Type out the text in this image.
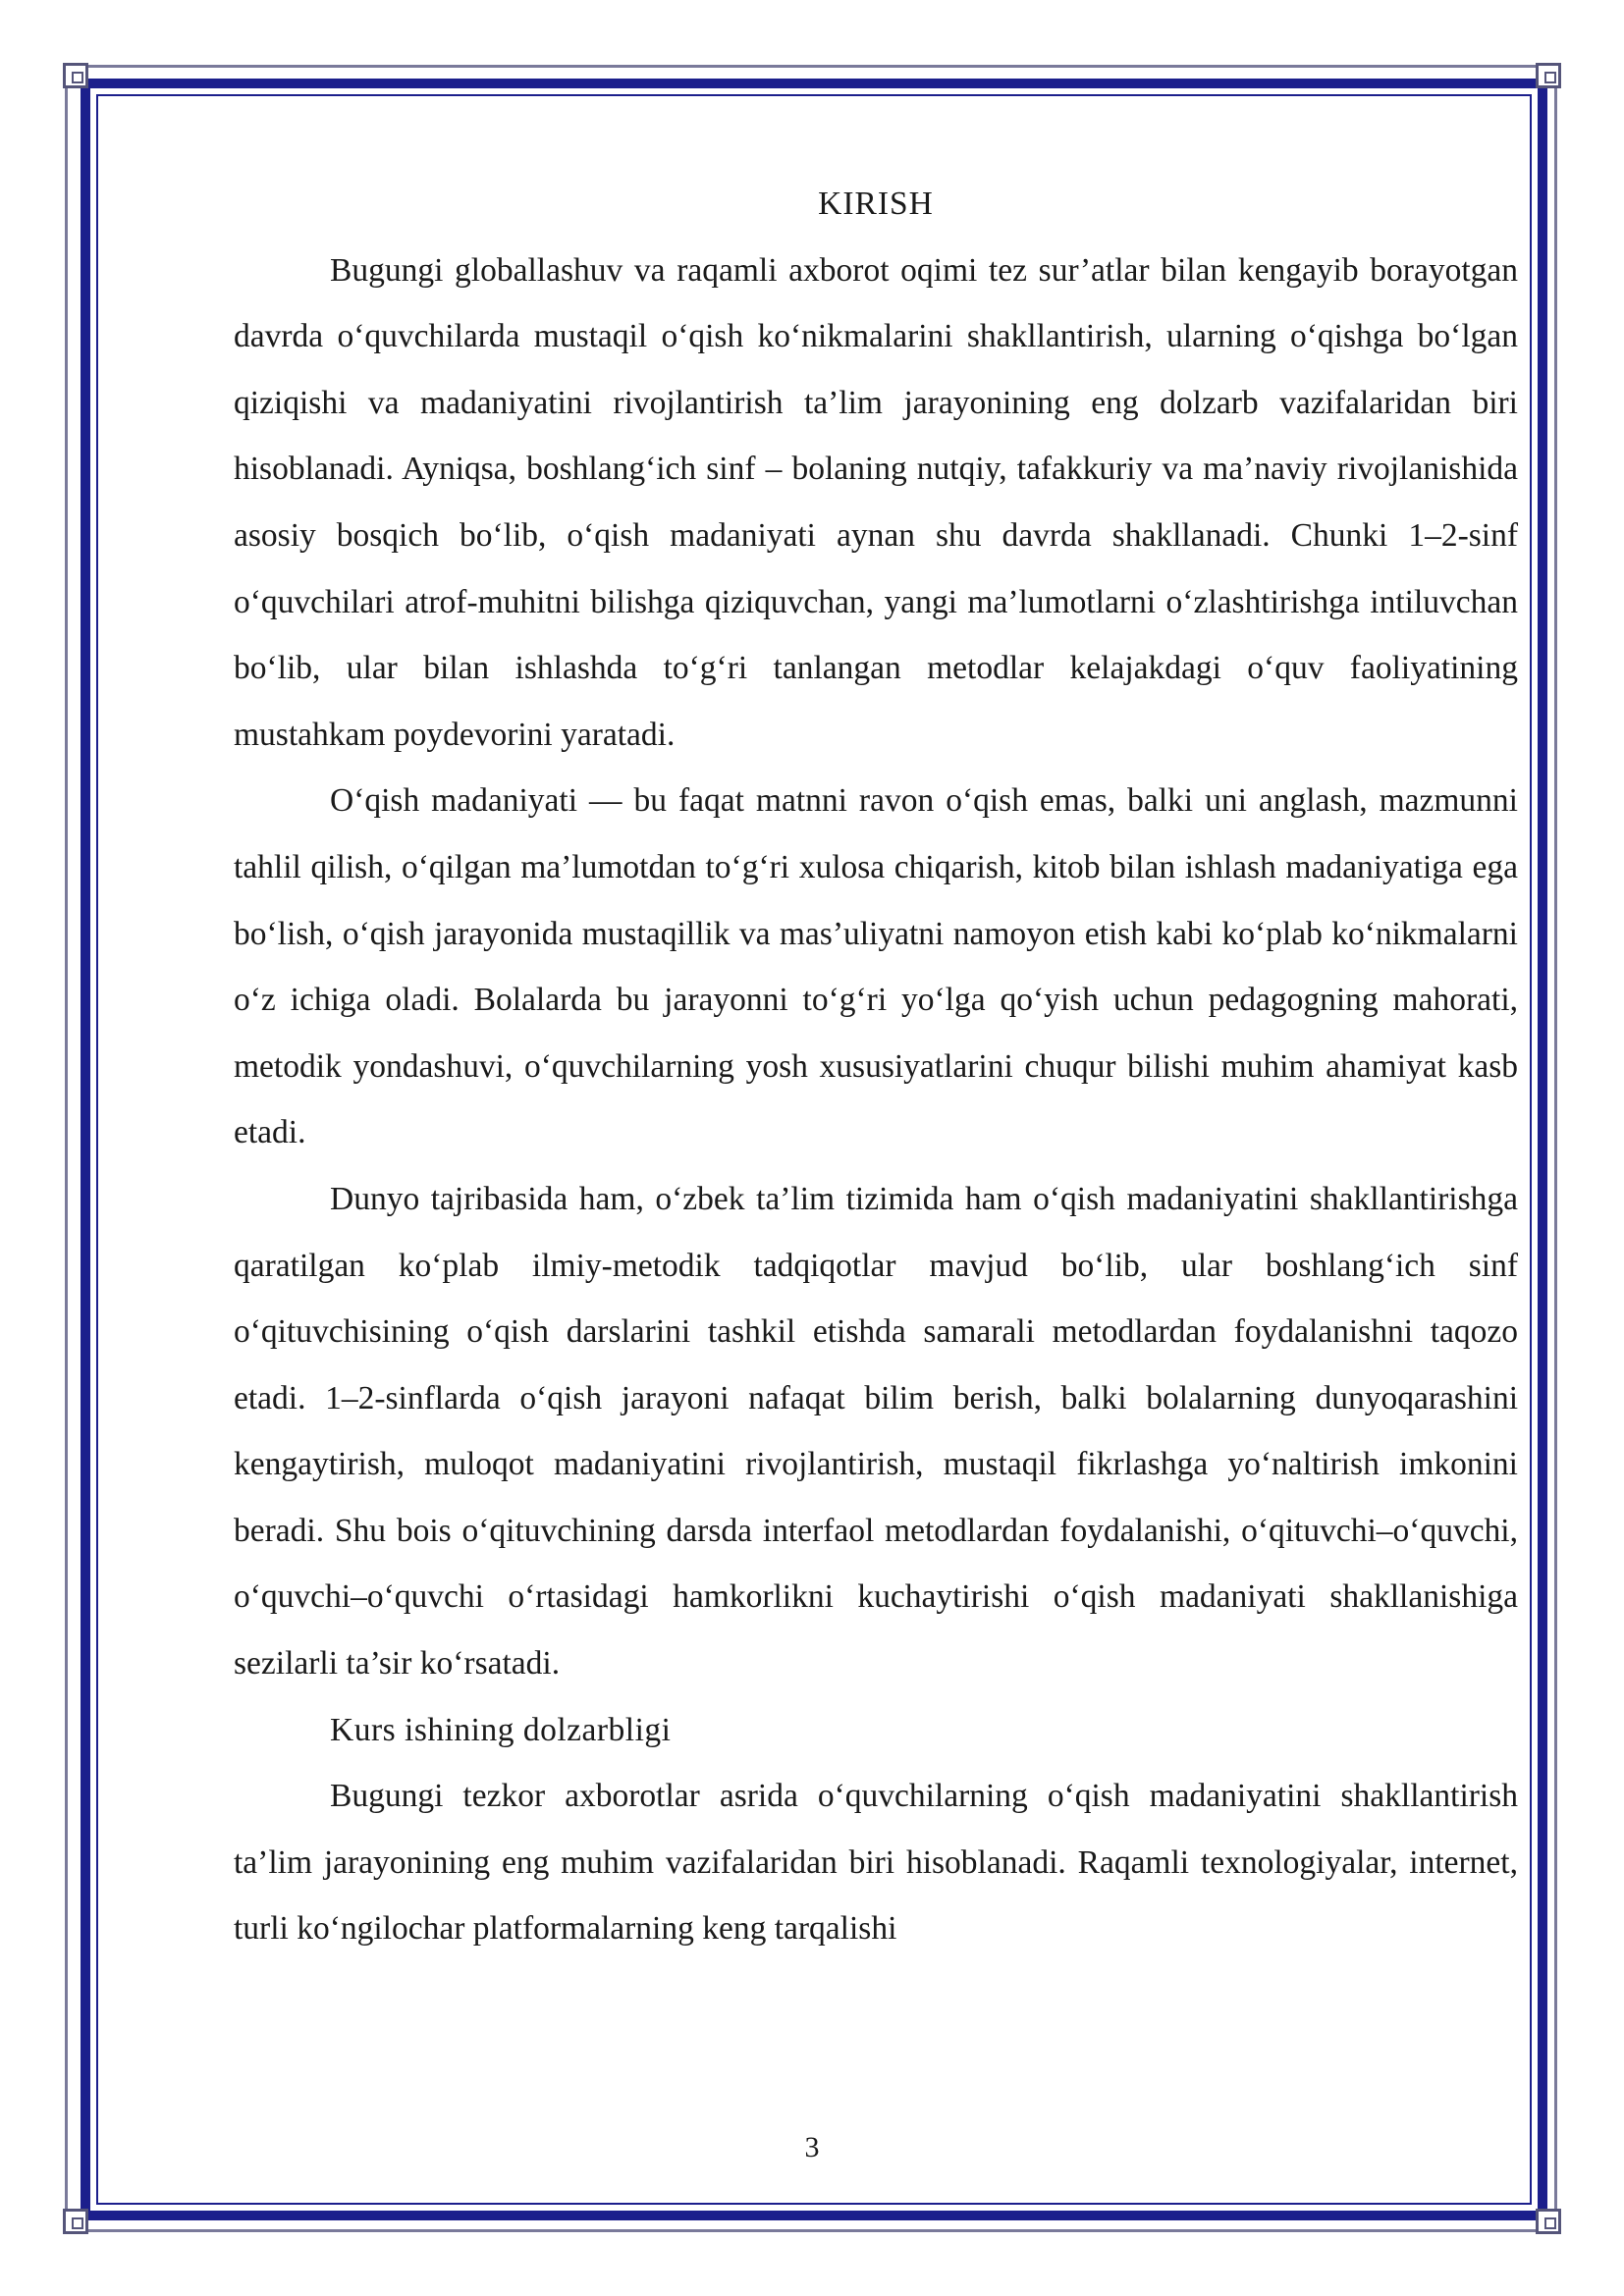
KIRISH

Bugungi globallashuv va raqamli axborot oqimi tez sur’atlar bilan kengayib borayotgan davrda o‘quvchilarda mustaqil o‘qish ko‘nikmalarini shakllantirish, ularning o‘qishga bo‘lgan qiziqishi va madaniyatini rivojlantirish ta’lim jarayonining eng dolzarb vazifalaridan biri hisoblanadi. Ayniqsa, boshlang‘ich sinf – bolaning nutqiy, tafakkuriy va ma’naviy rivojlanishida asosiy bosqich bo‘lib, o‘qish madaniyati aynan shu davrda shakllanadi. Chunki 1–2-sinf o‘quvchilari atrof-muhitni bilishga qiziquvchan, yangi ma’lumotlarni o‘zlashtirishga intiluvchan bo‘lib, ular bilan ishlashda to‘g‘ri tanlangan metodlar kelajakdagi o‘quv faoliyatining mustahkam poydevorini yaratadi.

O‘qish madaniyati — bu faqat matnni ravon o‘qish emas, balki uni anglash, mazmunni tahlil qilish, o‘qilgan ma’lumotdan to‘g‘ri xulosa chiqarish, kitob bilan ishlash madaniyatiga ega bo‘lish, o‘qish jarayonida mustaqillik va mas’uliyatni namoyon etish kabi ko‘plab ko‘nikmalarni o‘z ichiga oladi. Bolalarda bu jarayonni to‘g‘ri yo‘lga qo‘yish uchun pedagogning mahorati, metodik yondashuvi, o‘quvchilarning yosh xususiyatlarini chuqur bilishi muhim ahamiyat kasb etadi.

Dunyo tajribasida ham, o‘zbek ta’lim tizimida ham o‘qish madaniyatini shakllantirishga qaratilgan ko‘plab ilmiy-metodik tadqiqotlar mavjud bo‘lib, ular boshlang‘ich sinf o‘qituvchisining o‘qish darslarini tashkil etishda samarali metodlardan foydalanishni taqozo etadi. 1–2-sinflarda o‘qish jarayoni nafaqat bilim berish, balki bolalarning dunyoqarashini kengaytirish, muloqot madaniyatini rivojlantirish, mustaqil fikrlashga yo‘naltirish imkonini beradi. Shu bois o‘qituvchining darsda interfaol metodlardan foydalanishi, o‘qituvchi–o‘quvchi, o‘quvchi–o‘quvchi o‘rtasidagi hamkorlikni kuchaytirishi o‘qish madaniyati shakllanishiga sezilarli ta’sir ko‘rsatadi.

Kurs ishining dolzarbligi

Bugungi tezkor axborotlar asrida o‘quvchilarning o‘qish madaniyatini shakllantirish ta’lim jarayonining eng muhim vazifalaridan biri hisoblanadi. Raqamli texnologiyalar, internet, turli ko‘ngilochar platformalarning keng tarqalishi

3
